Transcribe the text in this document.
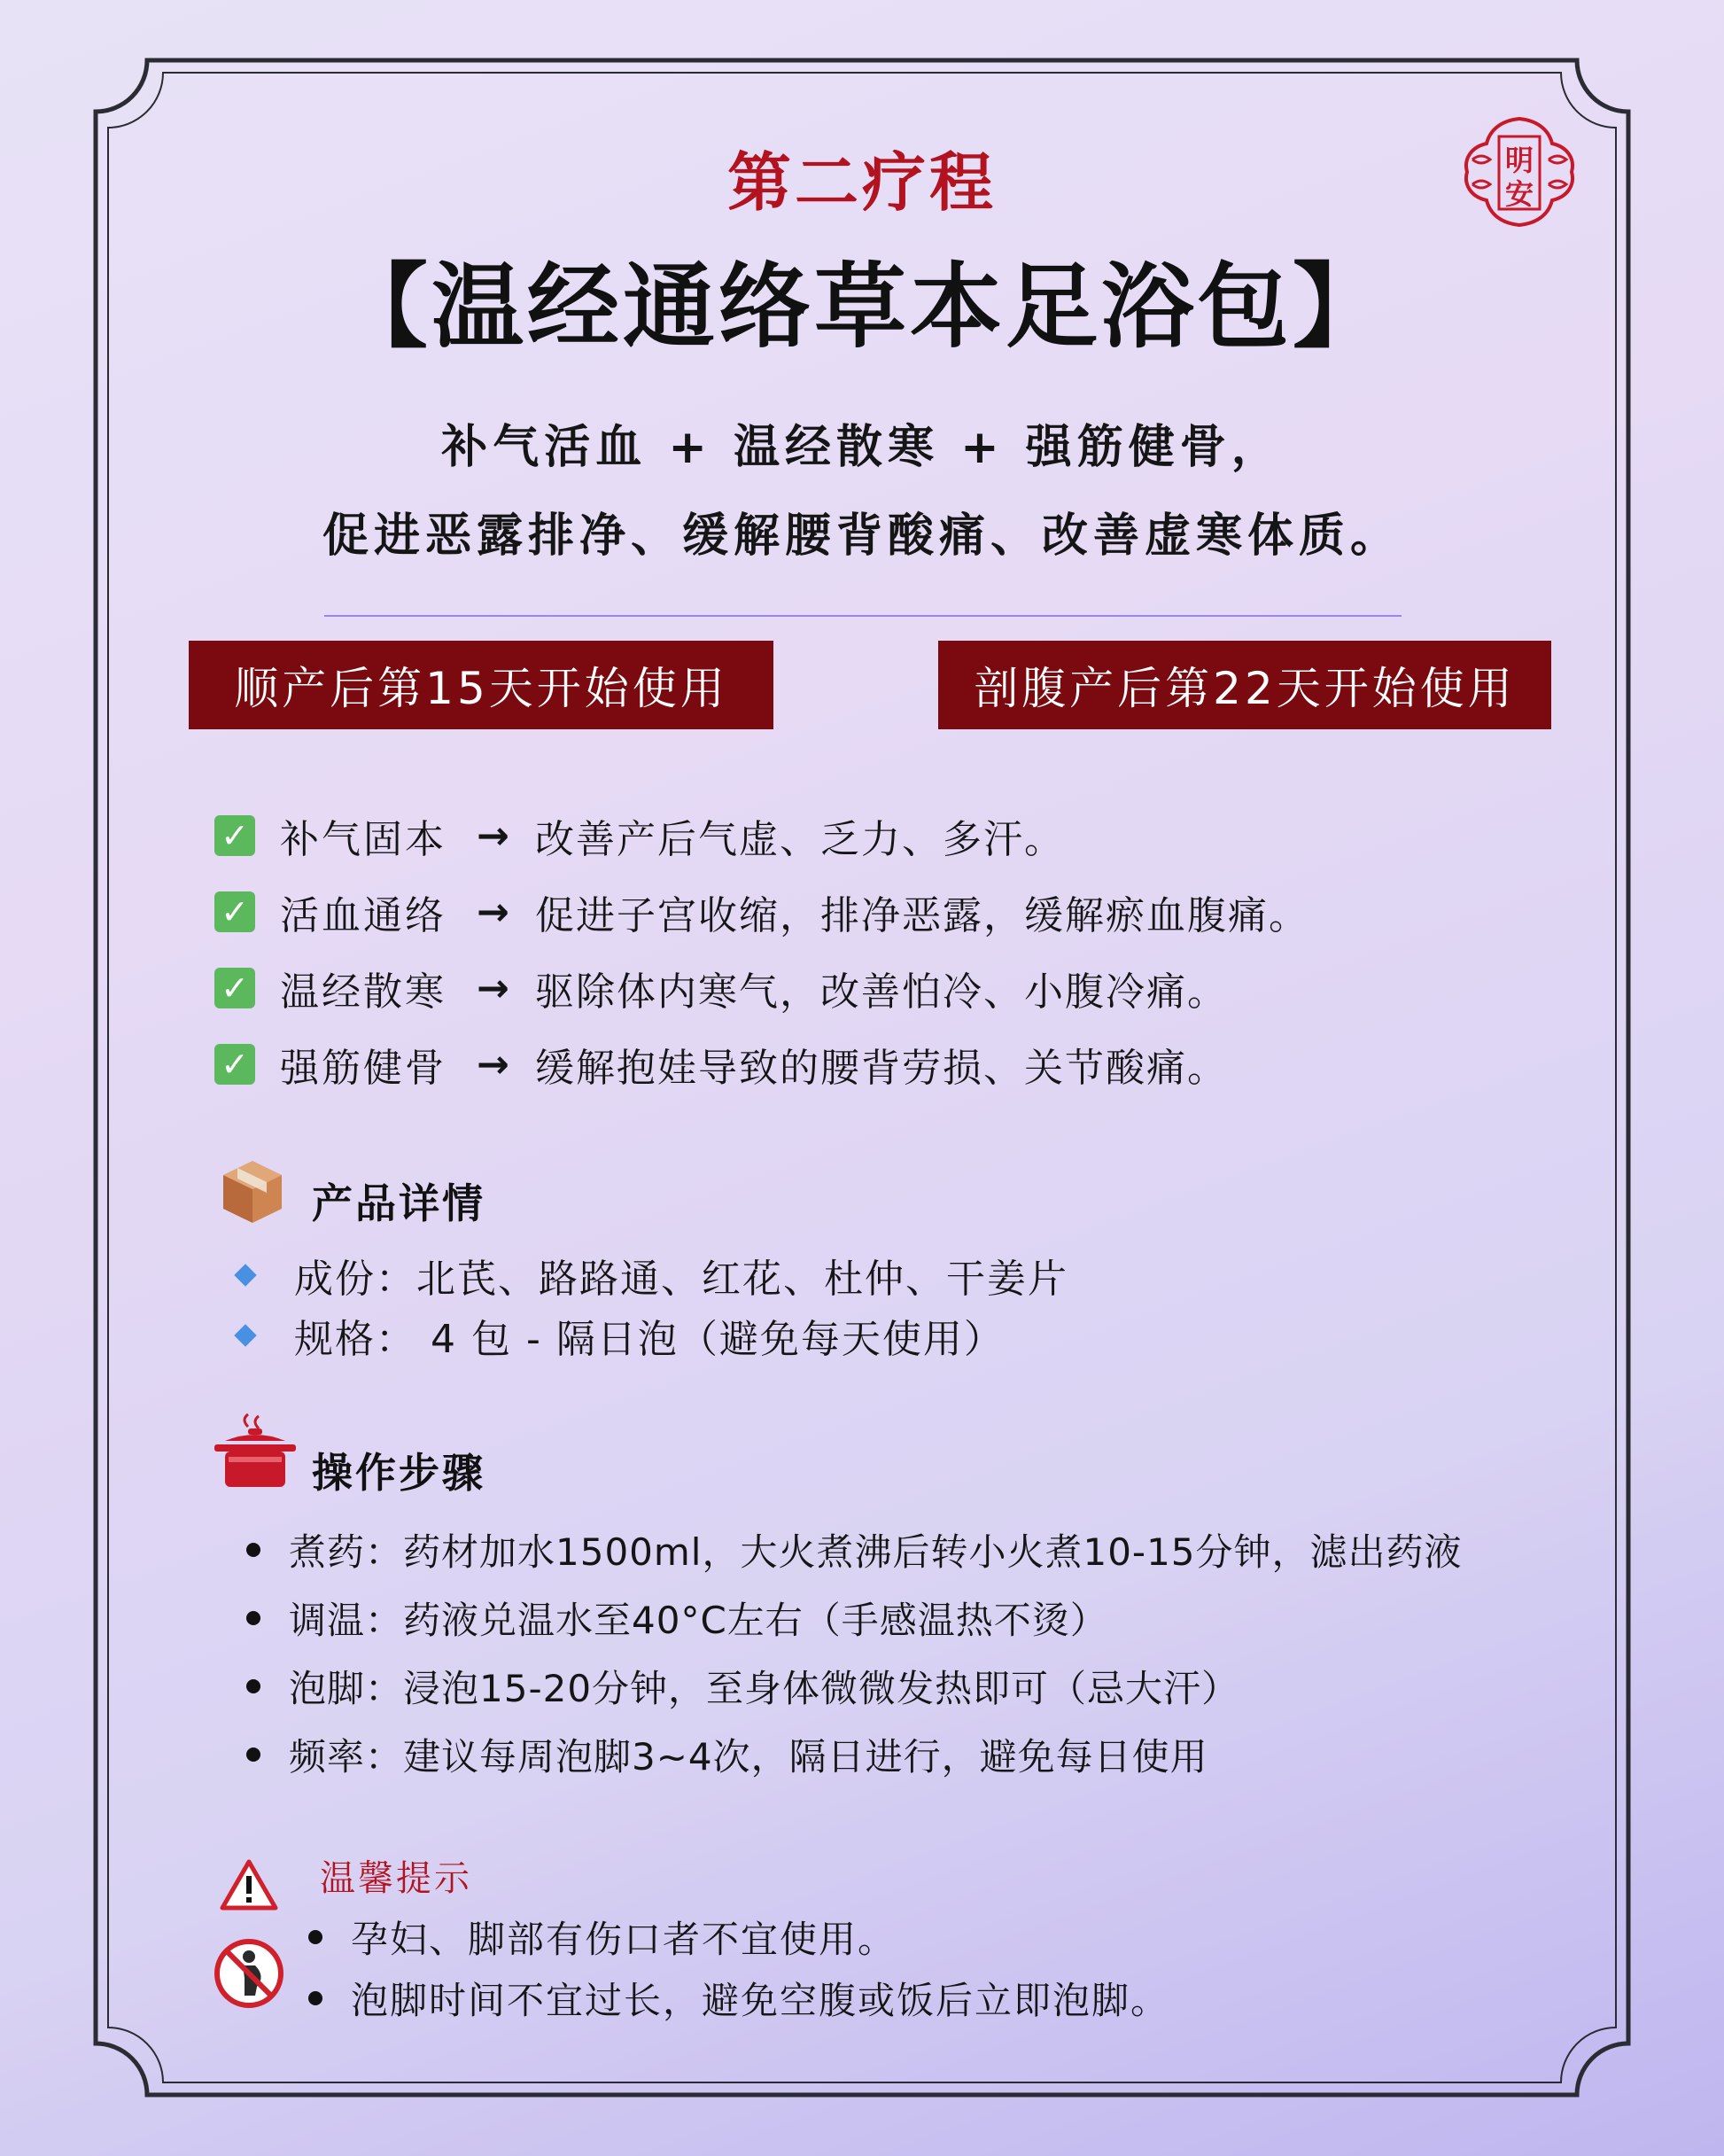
明
安
第二疗程
【温经通络草本足浴包】
补气活血 + 温经散寒 + 强筋健骨，
促进恶露排净、缓解腰背酸痛、改善虚寒体质。
顺产后第15天开始使用	剖腹产后第22天开始使用
✓ 补气固本 → 改善产后气虚、乏力、多汗。
✓ 活血通络 → 促进子宫收缩，排净恶露，缓解瘀血腹痛。
✓ 温经散寒 → 驱除体内寒气，改善怕冷、小腹冷痛。
✓ 强筋健骨 → 缓解抱娃导致的腰背劳损、关节酸痛。
产品详情
成份：北芪、路路通、红花、杜仲、干姜片
规格： 4 包 - 隔日泡（避免每天使用）
操作步骤
煮药：药材加水1500ml，大火煮沸后转小火煮10-15分钟，滤出药液
调温：药液兑温水至40°C左右（手感温热不烫）
泡脚：浸泡15-20分钟，至身体微微发热即可（忌大汗）
频率：建议每周泡脚3~4次，隔日进行，避免每日使用
温馨提示
孕妇、脚部有伤口者不宜使用。
泡脚时间不宜过长，避免空腹或饭后立即泡脚。
